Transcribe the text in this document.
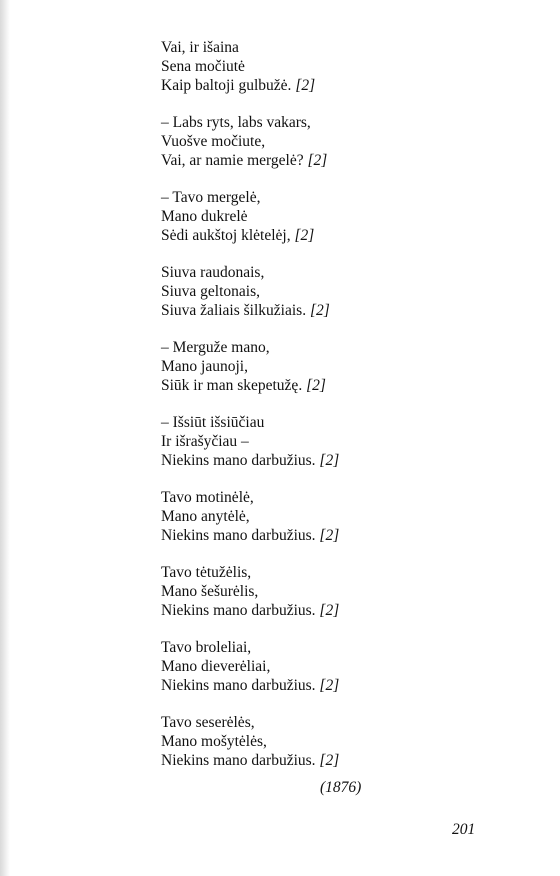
Vai, ir išaina
Sena močiutė
Kaip baltoji gulbužė. [2]
– Labs ryts, labs vakars,
Vuošve močiute,
Vai, ar namie mergelė? [2]
– Tavo mergelė,
Mano dukrelė
Sėdi aukštoj klėtelėj, [2]
Siuva raudonais,
Siuva geltonais,
Siuva žaliais šilkužiais. [2]
– Merguže mano,
Mano jaunoji,
Siūk ir man skepetužę. [2]
– Išsiūt išsiūčiau
Ir išrašyčiau –
Niekins mano darbužius. [2]
Tavo motinėlė,
Mano anytėlė,
Niekins mano darbužius. [2]
Tavo tėtužėlis,
Mano šešurėlis,
Niekins mano darbužius. [2]
Tavo broleliai,
Mano dieverėliai,
Niekins mano darbužius. [2]
Tavo seserėlės,
Mano mošytėlės,
Niekins mano darbužius. [2]
(1876)
201
